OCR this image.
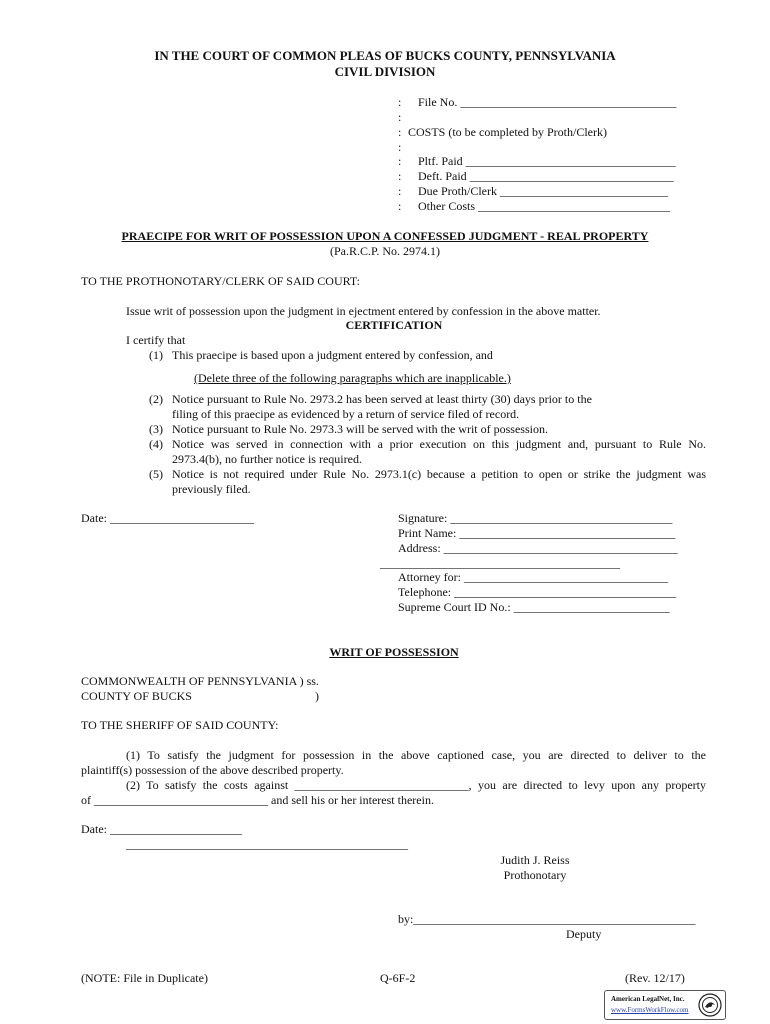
IN THE COURT OF COMMON PLEAS OF BUCKS COUNTY, PENNSYLVANIA
CIVIL DIVISION
:
:
:
:
:
:
:
:
File No. ____________________________________
COSTS (to be completed by Proth/Clerk)
Pltf. Paid ___________________________________
Deft. Paid __________________________________
Due Proth/Clerk ____________________________
Other Costs ________________________________
PRAECIPE FOR WRIT OF POSSESSION UPON A CONFESSED JUDGMENT - REAL PROPERTY
(Pa.R.C.P. No. 2974.1)
TO THE PROTHONOTARY/CLERK OF SAID COURT:
Issue writ of possession upon the judgment in ejectment entered by confession in the above matter.
CERTIFICATION
I certify that
(1) This praecipe is based upon a judgment entered by confession, and
(Delete three of the following paragraphs which are inapplicable.)
(2) Notice pursuant to Rule No. 2973.2 has been served at least thirty (30) days prior to the
filing of this praecipe as evidenced by a return of service filed of record.
(3) Notice pursuant to Rule No. 2973.3 will be served with the writ of possession.
(4) Notice was served in connection with a prior execution on this judgment and, pursuant to Rule No.
2973.4(b), no further notice is required.
(5) Notice is not required under Rule No. 2973.1(c) because a petition to open or strike the judgment was
previously filed.
Date: ________________________	Signature: _____________________________________
Print Name: ____________________________________
Address: _______________________________________
________________________________________
Attorney for: __________________________________
Telephone: _____________________________________
Supreme Court ID No.: __________________________
WRIT OF POSSESSION
COMMONWEALTH OF PENNSYLVANIA ) ss.
COUNTY OF BUCKS	)
TO THE SHERIFF OF SAID COUNTY:
(1) To satisfy the judgment for possession in the above captioned case, you are directed to deliver to the
plaintiff(s) possession of the above described property.
(2) To satisfy the costs against _____________________________, you are directed to levy upon any property
of _____________________________ and sell his or her interest therein.
Date: ______________________
_______________________________________________
Judith J. Reiss
Prothonotary
by:_______________________________________________
Deputy
(NOTE: File in Duplicate)	Q-6F-2	(Rev. 12/17)
American LegalNet, Inc.
www.FormsWorkFlow.com
